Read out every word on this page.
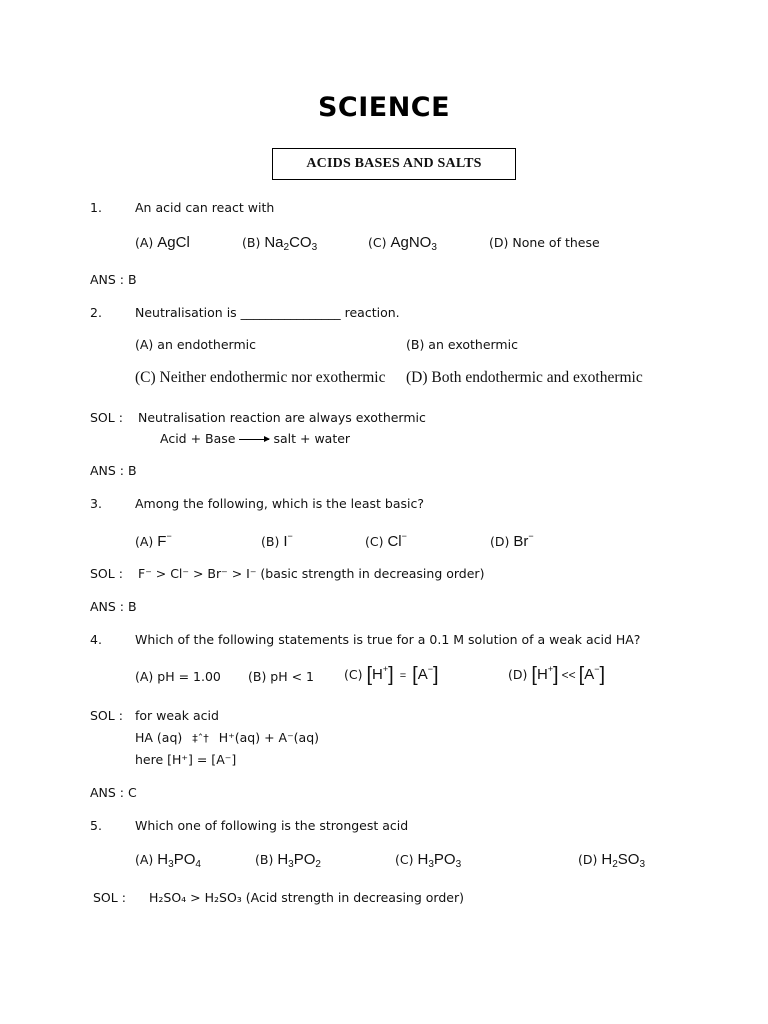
SCIENCE
ACIDS BASES AND SALTS
1.	An acid can react with
(A) AgCl	(B) $Na_2CO_3$	(C) AgNO$_3$	(D) None of these
ANS : B
2.	Neutralisation is ________________ reaction.
(A) an endothermic	(B) an exothermic
(C) Neither endothermic nor exothermic (D) Both endothermic and exothermic
SOL : Neutralisation reaction are always exothermic
Acid + Base → salt + water
ANS : B
3.	Among the following, which is the least basic?
(A) F−	(B) I−	(C) Cl−	(D) Br−
SOL : F⁻ > Cl⁻ > Br⁻ > I⁻ (basic strength in decreasing order)
ANS : B
4.	Which of the following statements is true for a 0.1 M solution of a weak acid HA?
(A) pH = 1.00 (B) pH < 1 (C) [H+] = [A−]	(D) [H+] << [A−]
SOL : for weak acid
HA (aq) ‡ˆ† H⁺(aq) + A⁻(aq)
here [H⁺] = [A⁻]
ANS : C
5.	Which one of following is the strongest acid
(A) $H_3PO_4$	(B) $H_3PO_2$	(C) $H_3PO_3$	(D) $H_2SO_3$
SOL : H₂SO₄ > H₂SO₃ (Acid strength in decreasing order)
